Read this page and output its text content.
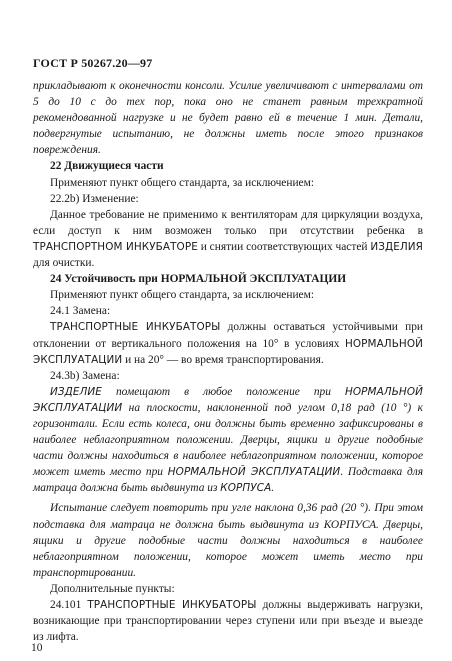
ГОСТ Р 50267.20—97

прикладывают к оконечности консоли. Усилие увеличивают с интервалами от 5 до 10 с до тех пор, пока оно не станет равным трехкратной рекомендованной нагрузке и не будет равно ей в течение 1 мин. Детали, подвергнутые испытанию, не должны иметь после этого признаков повреждения.

22 Движущиеся части

Применяют пункт общего стандарта, за исключением:

22.2b) Изменение:

Данное требование не применимо к вентиляторам для циркуляции воздуха, если доступ к ним возможен только при отсутствии ребенка в ТРАНСПОРТНОМ ИНКУБАТОРЕ и снятии соответствующих частей ИЗДЕЛИЯ для очистки.

24 Устойчивость при НОРМАЛЬНОЙ ЭКСПЛУАТАЦИИ

Применяют пункт общего стандарта, за исключением:

24.1 Замена:

ТРАНСПОРТНЫЕ ИНКУБАТОРЫ должны оставаться устойчивыми при отклонении от вертикального положения на 10° в условиях НОРМАЛЬНОЙ ЭКСПЛУАТАЦИИ и на 20° — во время транспортирования.

24.3b) Замена:

ИЗДЕЛИЕ помещают в любое положение при НОРМАЛЬНОЙ ЭКСПЛУАТАЦИИ на плоскости, наклоненной под углом 0,18 рад (10 °) к горизонтали. Если есть колеса, они должны быть временно зафиксированы в наиболее неблагоприятном положении. Дверцы, ящики и другие подобные части должны находиться в наиболее неблагоприятном положении, которое может иметь место при НОРМАЛЬНОЙ ЭКСПЛУАТАЦИИ. Подставка для матраца должна быть выдвинута из КОРПУСА.

Испытание следует повторить при угле наклона 0,36 рад (20 °). При этом подставка для матраца не должна быть выдвинута из КОРПУСА. Дверцы, ящики и другие подобные части должны находиться в наиболее неблагоприятном положении, которое может иметь место при транспортировании.

Дополнительные пункты:

24.101 ТРАНСПОРТНЫЕ ИНКУБАТОРЫ должны выдерживать нагрузки, возникающие при транспортировании через ступени или при въезде и выезде из лифта.

10
